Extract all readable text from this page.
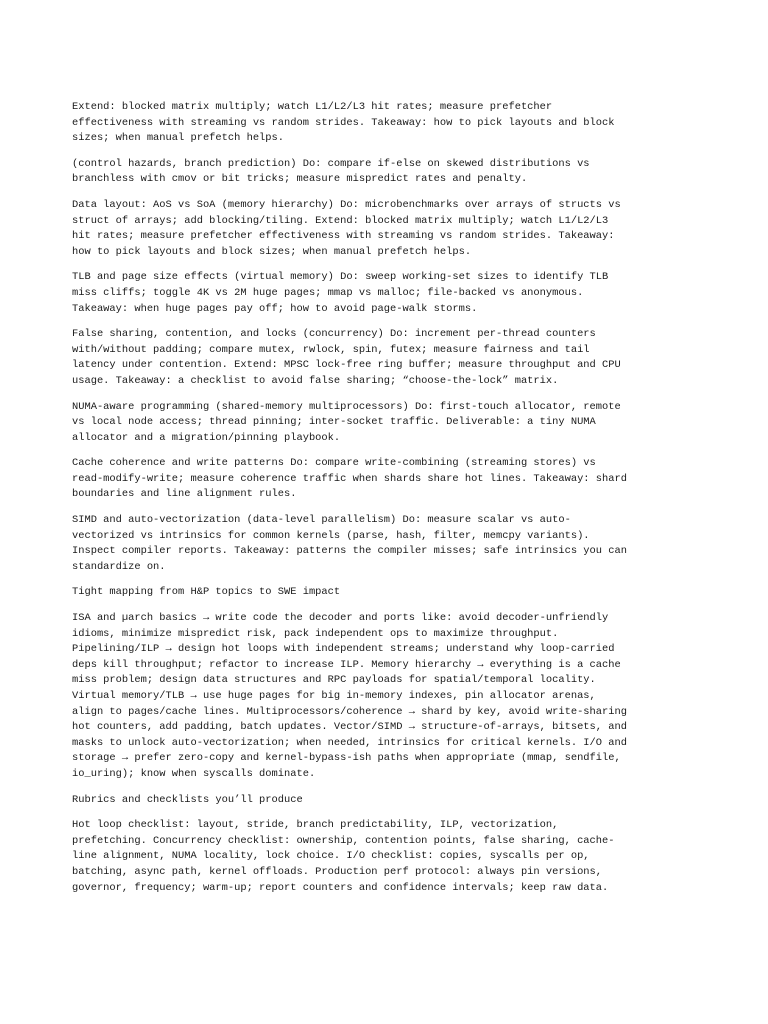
Extend: blocked matrix multiply; watch L1/L2/L3 hit rates; measure prefetcher effectiveness with streaming vs random strides. Takeaway: how to pick layouts and block sizes; when manual prefetch helps.

(control hazards, branch prediction) Do: compare if-else on skewed distributions vs branchless with cmov or bit tricks; measure mispredict rates and penalty.

Data layout: AoS vs SoA (memory hierarchy) Do: microbenchmarks over arrays of structs vs struct of arrays; add blocking/tiling. Extend: blocked matrix multiply; watch L1/L2/L3 hit rates; measure prefetcher effectiveness with streaming vs random strides. Takeaway: how to pick layouts and block sizes; when manual prefetch helps.

TLB and page size effects (virtual memory) Do: sweep working-set sizes to identify TLB miss cliffs; toggle 4K vs 2M huge pages; mmap vs malloc; file-backed vs anonymous. Takeaway: when huge pages pay off; how to avoid page-walk storms.

False sharing, contention, and locks (concurrency) Do: increment per-thread counters with/without padding; compare mutex, rwlock, spin, futex; measure fairness and tail latency under contention. Extend: MPSC lock-free ring buffer; measure throughput and CPU usage. Takeaway: a checklist to avoid false sharing; “choose-the-lock” matrix.

NUMA-aware programming (shared-memory multiprocessors) Do: first-touch allocator, remote vs local node access; thread pinning; inter-socket traffic. Deliverable: a tiny NUMA allocator and a migration/pinning playbook.

Cache coherence and write patterns Do: compare write-combining (streaming stores) vs read-modify-write; measure coherence traffic when shards share hot lines. Takeaway: shard boundaries and line alignment rules.

SIMD and auto-vectorization (data-level parallelism) Do: measure scalar vs auto-vectorized vs intrinsics for common kernels (parse, hash, filter, memcpy variants). Inspect compiler reports. Takeaway: patterns the compiler misses; safe intrinsics you can standardize on.

Tight mapping from H&P topics to SWE impact

ISA and µarch basics → write code the decoder and ports like: avoid decoder-unfriendly idioms, minimize mispredict risk, pack independent ops to maximize throughput. Pipelining/ILP → design hot loops with independent streams; understand why loop-carried deps kill throughput; refactor to increase ILP. Memory hierarchy → everything is a cache miss problem; design data structures and RPC payloads for spatial/temporal locality. Virtual memory/TLB → use huge pages for big in-memory indexes, pin allocator arenas, align to pages/cache lines. Multiprocessors/coherence → shard by key, avoid write-sharing hot counters, add padding, batch updates. Vector/SIMD → structure-of-arrays, bitsets, and masks to unlock auto-vectorization; when needed, intrinsics for critical kernels. I/O and storage → prefer zero-copy and kernel-bypass-ish paths when appropriate (mmap, sendfile, io_uring); know when syscalls dominate.

Rubrics and checklists you’ll produce

Hot loop checklist: layout, stride, branch predictability, ILP, vectorization, prefetching. Concurrency checklist: ownership, contention points, false sharing, cache-line alignment, NUMA locality, lock choice. I/O checklist: copies, syscalls per op, batching, async path, kernel offloads. Production perf protocol: always pin versions, governor, frequency; warm-up; report counters and confidence intervals; keep raw data.
